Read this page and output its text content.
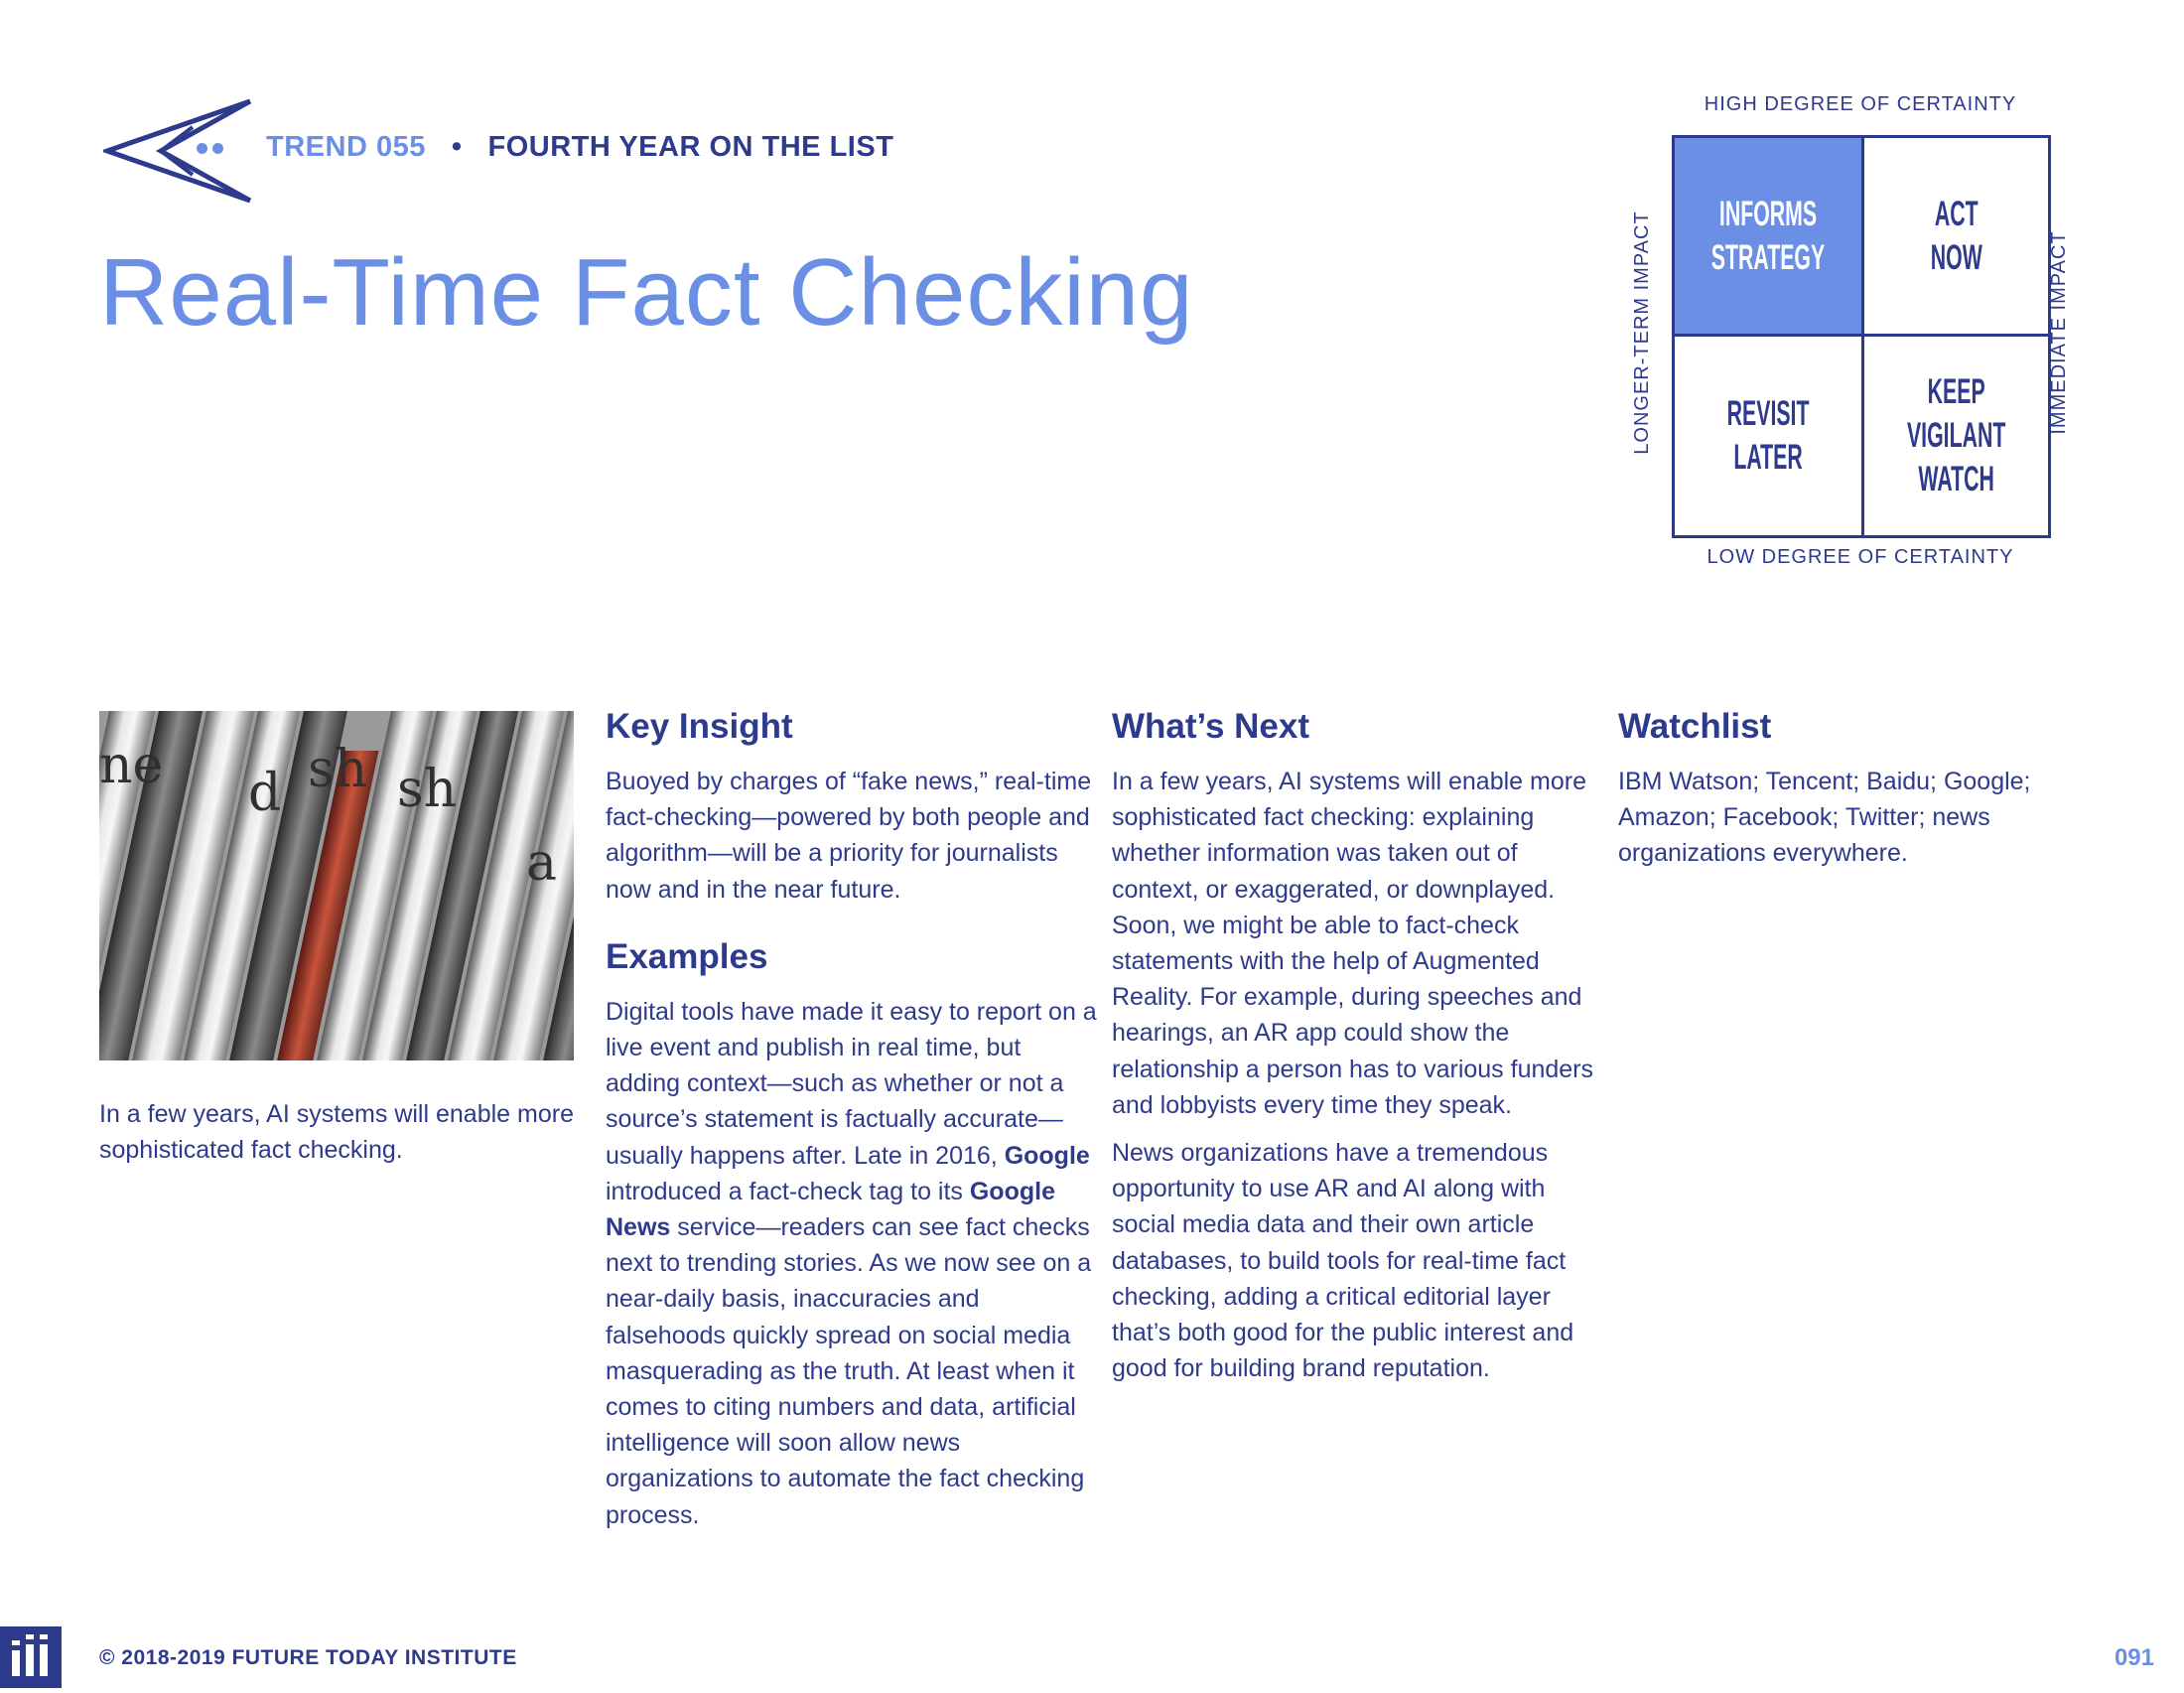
TREND 055 • FOURTH YEAR ON THE LIST
Real-Time Fact Checking
HIGH DEGREE OF CERTAINTY
LONGER-TERM IMPACT	IMMEDIATE IMPACT
INFORMS
STRATEGY
ACT
NOW
REVISIT
LATER
KEEP
VIGILANT
WATCH
LOW DEGREE OF CERTAINTY
ne d sh sh
a
In a few years, AI systems will enable more sophisticated fact checking.
Key Insight

Buoyed by charges of “fake news,” real-time fact-checking—powered by both people and algorithm—will be a priority for journalists now and in the near future.

Examples

Digital tools have made it easy to report on a live event and publish in real time, but adding context—such as whether or not a source’s statement is factually accurate—usually happens after. Late in 2016, Google introduced a fact-check tag to its Google News service—readers can see fact checks next to trending stories. As we now see on a near-daily basis, inaccuracies and falsehoods quickly spread on social media masquerading as the truth. At least when it comes to citing numbers and data, artificial intelligence will soon allow news organizations to automate the fact checking process.

What’s Next

In a few years, AI systems will enable more sophisticated fact checking: explaining whether information was taken out of context, or exaggerated, or downplayed. Soon, we might be able to fact-check statements with the help of Augmented Reality. For example, during speeches and hearings, an AR app could show the relationship a person has to various funders and lobbyists every time they speak.

News organizations have a tremendous opportunity to use AR and AI along with social media data and their own article databases, to build tools for real-time fact checking, adding a critical editorial layer that’s both good for the public interest and good for building brand reputation.

Watchlist

IBM Watson; Tencent; Baidu; Google; Amazon; Facebook; Twitter; news organizations everywhere.

© 2018-2019 FUTURE TODAY INSTITUTE	091
